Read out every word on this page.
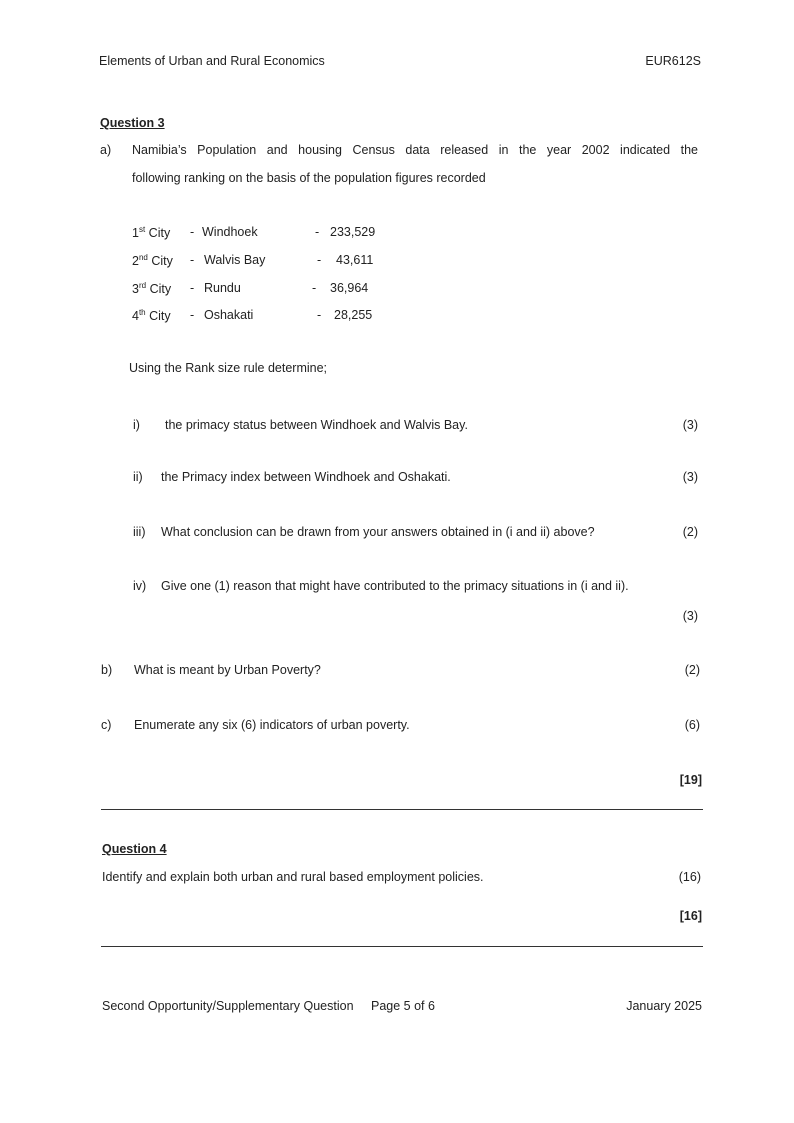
Elements of Urban and Rural Economics	EUR612S
Question 3
a) Namibia’s Population and housing Census data released in the year 2002 indicated the
following ranking on the basis of the population figures recorded
1st City - Windhoek	- 233,529
2nd City - Walvis Bay	- 43,611
3rd City - Rundu	- 36,964
4th City - Oshakati	- 28,255
Using the Rank size rule determine;
i) the primacy status between Windhoek and Walvis Bay.	(3)
ii) the Primacy index between Windhoek and Oshakati.	(3)
iii) What conclusion can be drawn from your answers obtained in (i and ii) above?	(2)
iv) Give one (1) reason that might have contributed to the primacy situations in (i and ii).
(3)
b) What is meant by Urban Poverty?	(2)
c) Enumerate any six (6) indicators of urban poverty.	(6)
[19]
Question 4
Identify and explain both urban and rural based employment policies.	(16)
[16]
Second Opportunity/Supplementary Question Page 5 of 6	January 2025
